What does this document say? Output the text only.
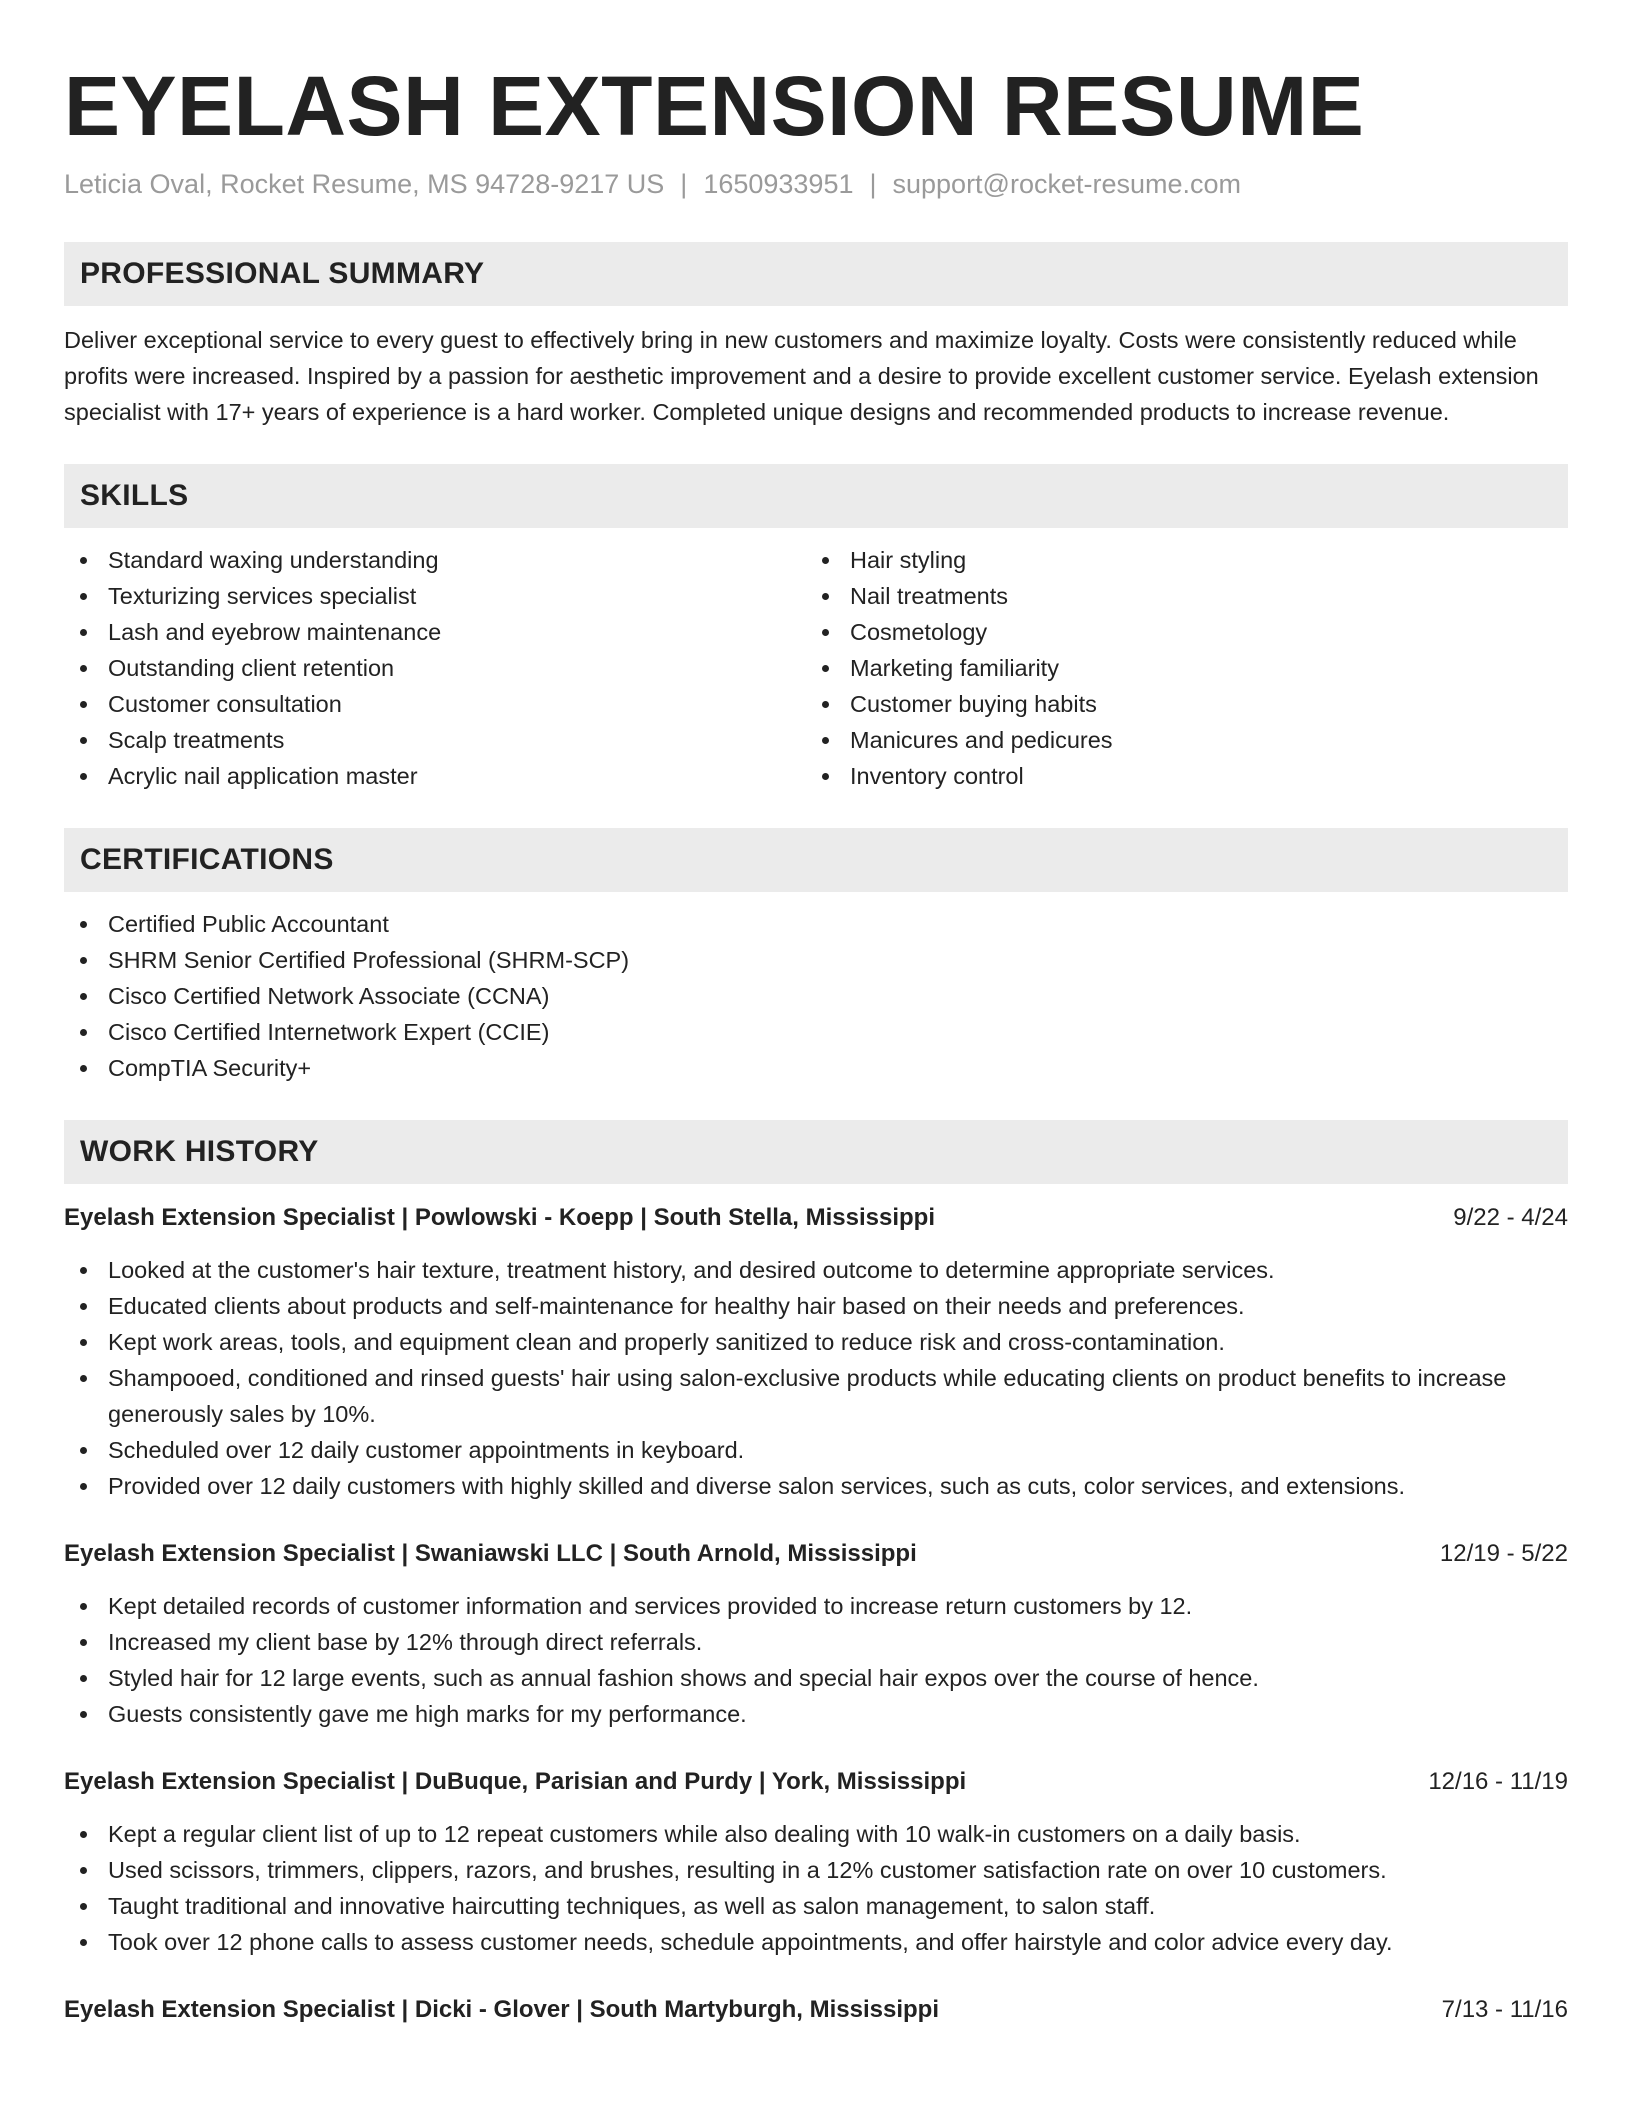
EYELASH EXTENSION RESUME
Leticia Oval, Rocket Resume, MS 94728-9217 US | 1650933951 | support@rocket-resume.com
PROFESSIONAL SUMMARY

Deliver exceptional service to every guest to effectively bring in new customers and maximize loyalty. Costs were consistently reduced while profits were increased. Inspired by a passion for aesthetic improvement and a desire to provide excellent customer service. Eyelash extension specialist with 17+ years of experience is a hard worker. Completed unique designs and recommended products to increase revenue.

SKILLS
Standard waxing understanding
Texturizing services specialist
Lash and eyebrow maintenance
Outstanding client retention
Customer consultation
Scalp treatments
Acrylic nail application master
Hair styling
Nail treatments
Cosmetology
Marketing familiarity
Customer buying habits
Manicures and pedicures
Inventory control
CERTIFICATIONS
Certified Public Accountant
SHRM Senior Certified Professional (SHRM-SCP)
Cisco Certified Network Associate (CCNA)
Cisco Certified Internetwork Expert (CCIE)
CompTIA Security+
WORK HISTORY
Eyelash Extension Specialist | Powlowski - Koepp | South Stella, Mississippi	9/22 - 4/24
Looked at the customer's hair texture, treatment history, and desired outcome to determine appropriate services.
Educated clients about products and self-maintenance for healthy hair based on their needs and preferences.
Kept work areas, tools, and equipment clean and properly sanitized to reduce risk and cross-contamination.
Shampooed, conditioned and rinsed guests' hair using salon-exclusive products while educating clients on product benefits to increase generously sales by 10%.
Scheduled over 12 daily customer appointments in keyboard.
Provided over 12 daily customers with highly skilled and diverse salon services, such as cuts, color services, and extensions.
Eyelash Extension Specialist | Swaniawski LLC | South Arnold, Mississippi	12/19 - 5/22
Kept detailed records of customer information and services provided to increase return customers by 12.
Increased my client base by 12% through direct referrals.
Styled hair for 12 large events, such as annual fashion shows and special hair expos over the course of hence.
Guests consistently gave me high marks for my performance.
Eyelash Extension Specialist | DuBuque, Parisian and Purdy | York, Mississippi	12/16 - 11/19
Kept a regular client list of up to 12 repeat customers while also dealing with 10 walk-in customers on a daily basis.
Used scissors, trimmers, clippers, razors, and brushes, resulting in a 12% customer satisfaction rate on over 10 customers.
Taught traditional and innovative haircutting techniques, as well as salon management, to salon staff.
Took over 12 phone calls to assess customer needs, schedule appointments, and offer hairstyle and color advice every day.
Eyelash Extension Specialist | Dicki - Glover | South Martyburgh, Mississippi	7/13 - 11/16
